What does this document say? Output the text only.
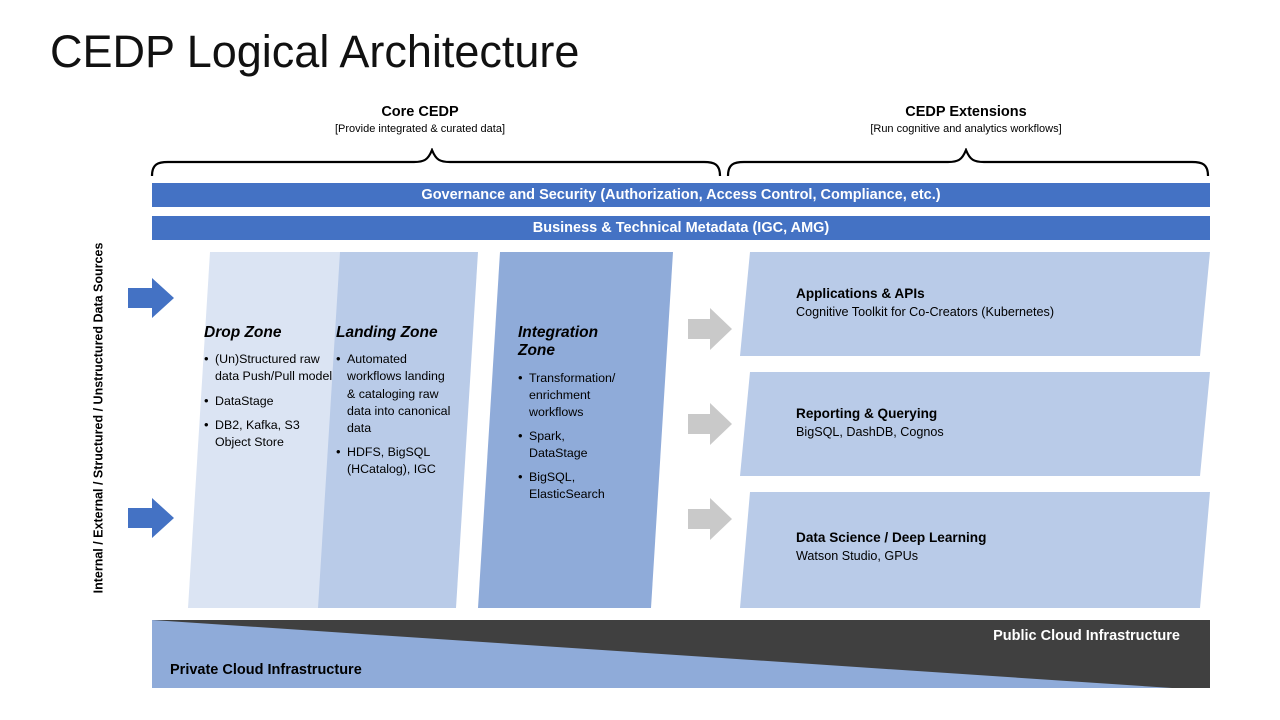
CEDP Logical Architecture
Core CEDP
[Provide integrated & curated data]
CEDP Extensions
[Run cognitive and analytics workflows]
Governance and Security (Authorization, Access Control, Compliance, etc.)
Business & Technical Metadata (IGC, AMG)
Internal / External / Structured / Unstructured Data Sources	Drop Zone
• (Un)Structured raw data Push/Pull model
• DataStage
• DB2, Kafka, S3 Object Store
Landing Zone
• Automated workflows landing & cataloging raw data into canonical data
• HDFS, BigSQL (HCatalog), IGC
Integration Zone
• Transformation/ enrichment workflows
• Spark, DataStage
• BigSQL, ElasticSearch
Applications & APIs
Cognitive Toolkit for Co-Creators (Kubernetes)
Reporting & Querying
BigSQL, DashDB, Cognos
Data Science / Deep Learning
Watson Studio, GPUs
Private Cloud Infrastructure
Public Cloud Infrastructure
